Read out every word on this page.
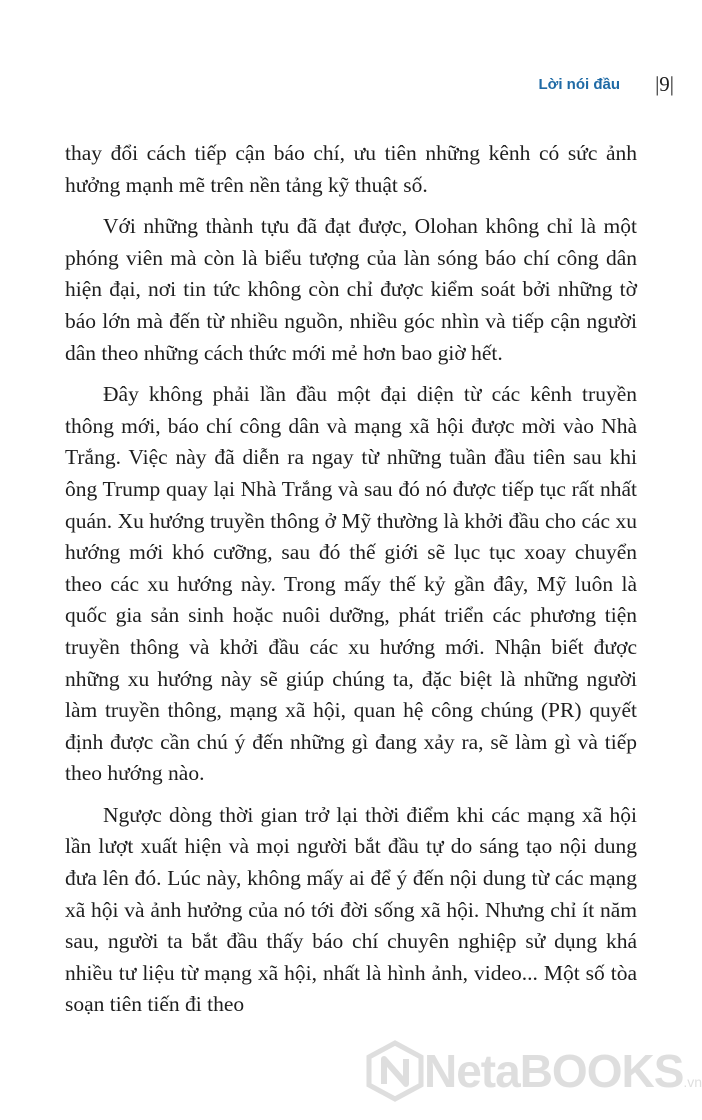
Lời nói đầu |9|

thay đổi cách tiếp cận báo chí, ưu tiên những kênh có sức ảnh hưởng mạnh mẽ trên nền tảng kỹ thuật số.

Với những thành tựu đã đạt được, Olohan không chỉ là một phóng viên mà còn là biểu tượng của làn sóng báo chí công dân hiện đại, nơi tin tức không còn chỉ được kiểm soát bởi những tờ báo lớn mà đến từ nhiều nguồn, nhiều góc nhìn và tiếp cận người dân theo những cách thức mới mẻ hơn bao giờ hết.

Đây không phải lần đầu một đại diện từ các kênh truyền thông mới, báo chí công dân và mạng xã hội được mời vào Nhà Trắng. Việc này đã diễn ra ngay từ những tuần đầu tiên sau khi ông Trump quay lại Nhà Trắng và sau đó nó được tiếp tục rất nhất quán. Xu hướng truyền thông ở Mỹ thường là khởi đầu cho các xu hướng mới khó cưỡng, sau đó thế giới sẽ lục tục xoay chuyển theo các xu hướng này. Trong mấy thế kỷ gần đây, Mỹ luôn là quốc gia sản sinh hoặc nuôi dưỡng, phát triển các phương tiện truyền thông và khởi đầu các xu hướng mới. Nhận biết được những xu hướng này sẽ giúp chúng ta, đặc biệt là những người làm truyền thông, mạng xã hội, quan hệ công chúng (PR) quyết định được cần chú ý đến những gì đang xảy ra, sẽ làm gì và tiếp theo hướng nào.

Ngược dòng thời gian trở lại thời điểm khi các mạng xã hội lần lượt xuất hiện và mọi người bắt đầu tự do sáng tạo nội dung đưa lên đó. Lúc này, không mấy ai để ý đến nội dung từ các mạng xã hội và ảnh hưởng của nó tới đời sống xã hội. Nhưng chỉ ít năm sau, người ta bắt đầu thấy báo chí chuyên nghiệp sử dụng khá nhiều tư liệu từ mạng xã hội, nhất là hình ảnh, video... Một số tòa soạn tiên tiến đi theo

NetaBOOKS.vn
